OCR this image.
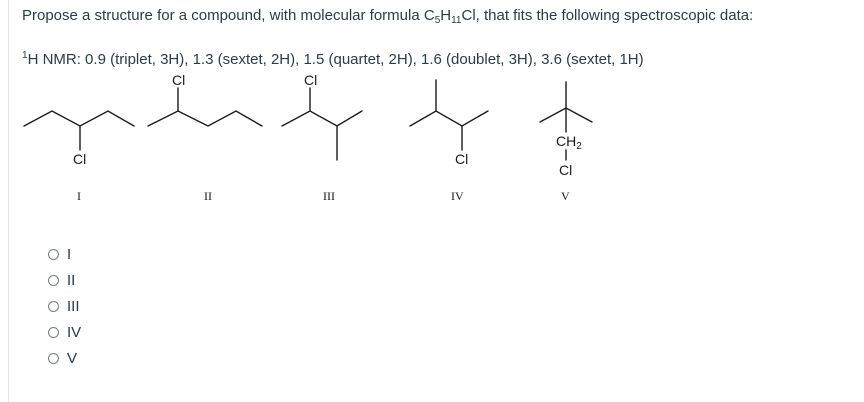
Propose a structure for a compound, with molecular formula $C_5H_{11}Cl$, that fits the following spectroscopic data:
$^1$H NMR: 0.9 (triplet, 3H), 1.3 (sextet, 2H), 1.5 (quartet, 2H), 1.6 (doublet, 3H), 3.6 (sextet, 1H)
Cl
I
Cl
II
Cl
III
Cl
IV
$CH_2$
Cl
V
I
II
III
IV
V
